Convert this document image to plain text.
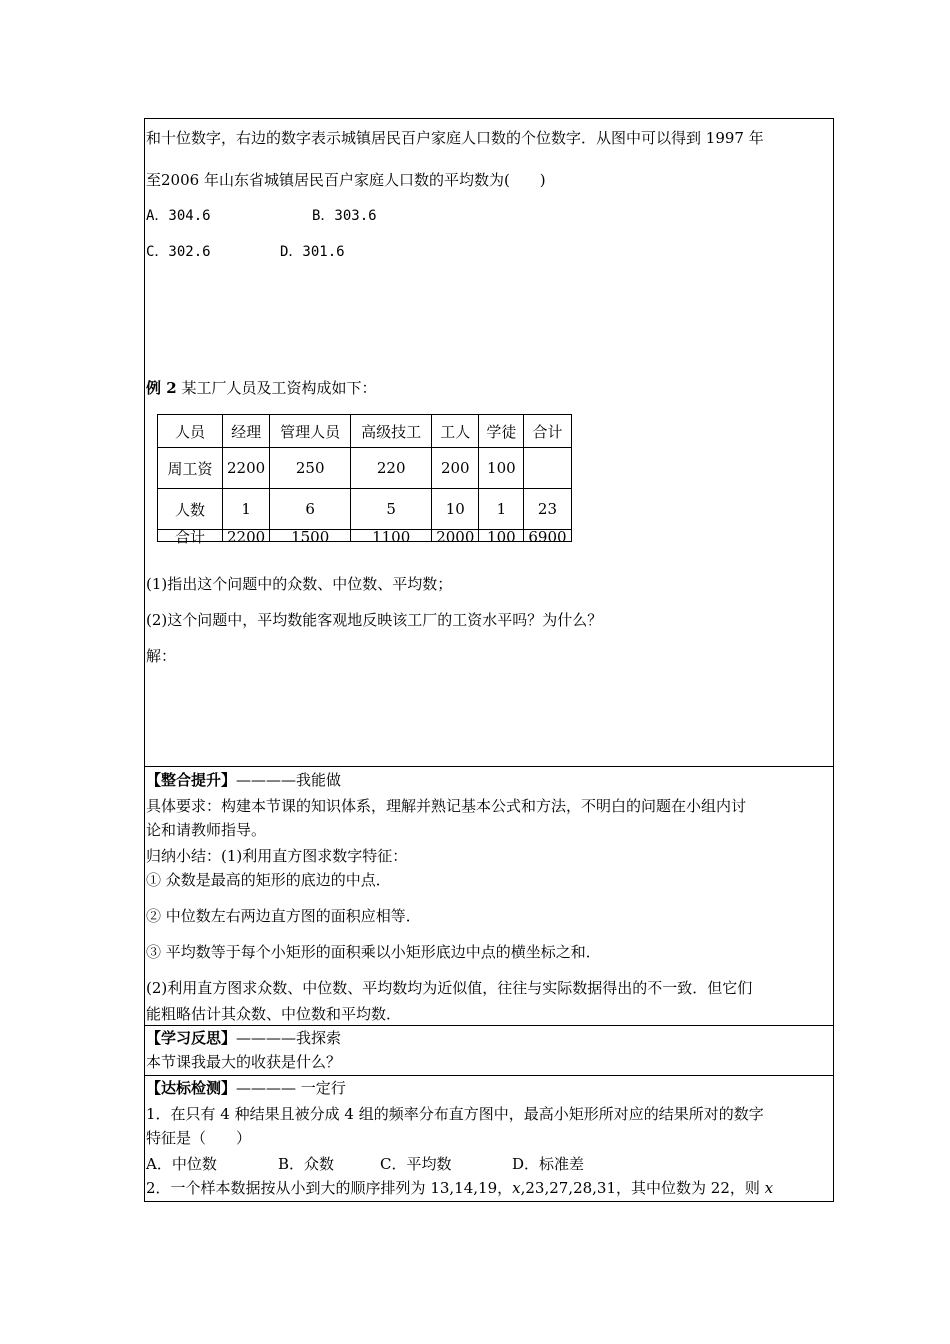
和十位数字，右边的数字表示城镇居民百户家庭人口数的个位数字．从图中可以得到 1997 年
至2006 年山东省城镇居民百户家庭人口数的平均数为(　　)
A．304.6	B．303.6
C．302.6	D．301.6
例 2 某工厂人员及工资构成如下：
人员	经理	管理人员	高级技工	工人	学徒	合计
周工资	2200	250	220	200	100	
人数	1	6	5	10	1	23

合计	2200	1500	1100	2000	100	6900
(1)指出这个问题中的众数、中位数、平均数；
(2)这个问题中，平均数能客观地反映该工厂的工资水平吗？为什么？
解：
【整合提升】————我能做
具体要求：构建本节课的知识体系，理解并熟记基本公式和方法，不明白的问题在小组内讨
论和请教师指导。
归纳小结：(1)利用直方图求数字特征：
① 众数是最高的矩形的底边的中点．
② 中位数左右两边直方图的面积应相等．
③ 平均数等于每个小矩形的面积乘以小矩形底边中点的横坐标之和．
(2)利用直方图求众数、中位数、平均数均为近似值，往往与实际数据得出的不一致．但它们
能粗略估计其众数、中位数和平均数．
【学习反思】————我探索
本节课我最大的收获是什么？
【达标检测】———— 一定行
1．在只有 4 种结果且被分成 4 组的频率分布直方图中，最高小矩形所对应的结果所对的数字
特征是（　　）
A．中位数	B．众数	C．平均数	D．标准差
2．一个样本数据按从小到大的顺序排列为 13,14,19，x,23,27,28,31，其中位数为 22，则 x
